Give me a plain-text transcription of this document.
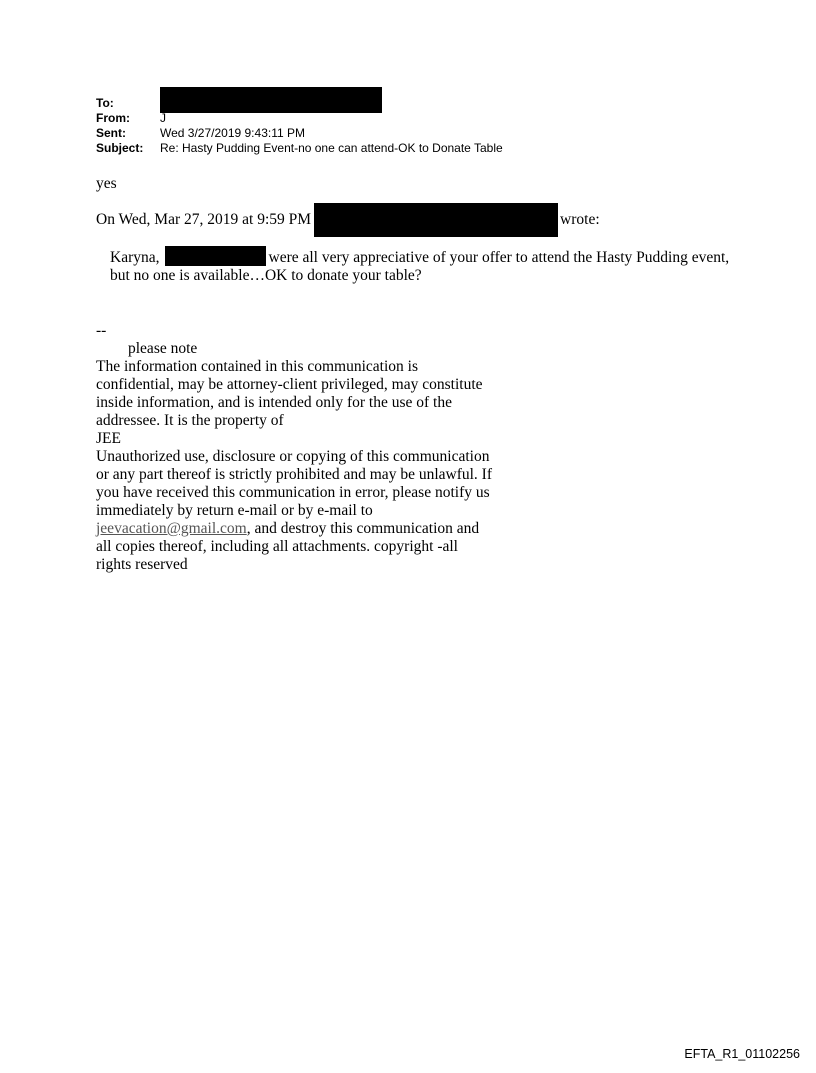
To:
From:	J
Sent:	Wed 3/27/2019 9:43:11 PM
Subject:	Re: Hasty Pudding Event-no one can attend-OK to Donate Table
yes
On Wed, Mar 27, 2019 at 9:59 PM	wrote:
Karyna,	were all very appreciative of your offer to attend the Hasty Pudding event, but no one is available…OK to donate your table?
--
please note
The information contained in this communication is confidential, may be attorney-client privileged, may constitute inside information, and is intended only for the use of the addressee. It is the property of
JEE
Unauthorized use, disclosure or copying of this communication or any part thereof is strictly prohibited and may be unlawful. If you have received this communication in error, please notify us immediately by return e-mail or by e-mail to jeevacation@gmail.com, and destroy this communication and all copies thereof, including all attachments. copyright -all rights reserved
EFTA_R1_01102256
